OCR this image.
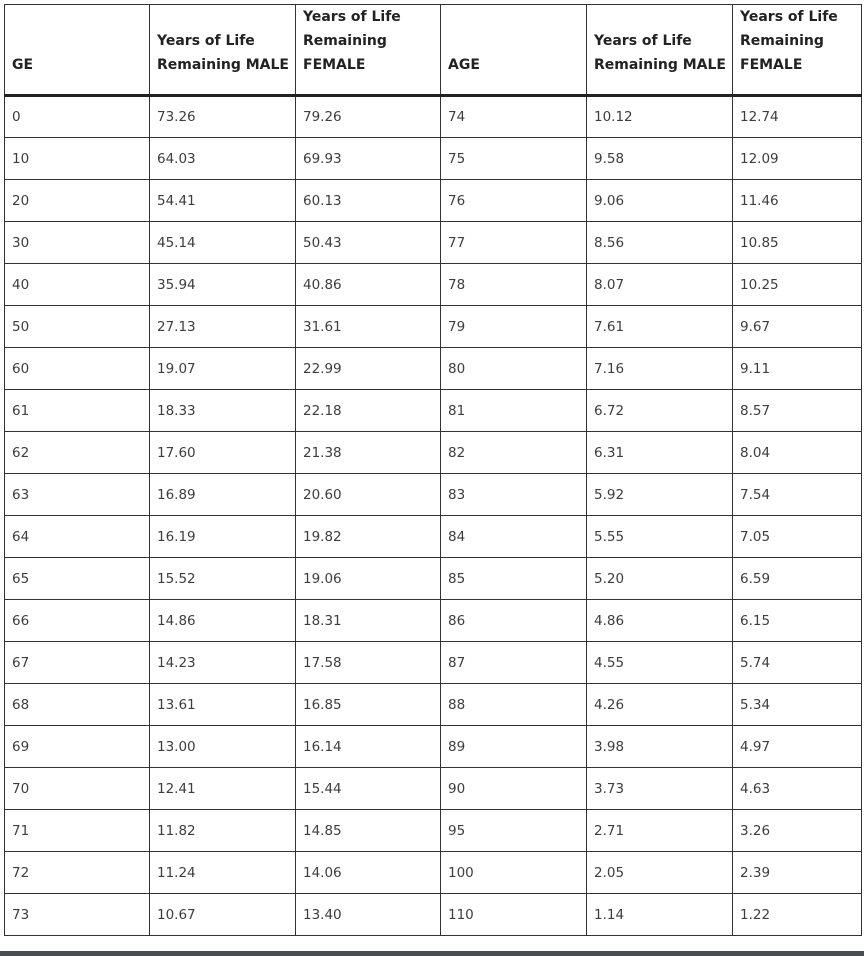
GE	Years of Life Remaining MALE	Years of Life Remaining FEMALE	AGE	Years of Life Remaining MALE	Years of Life Remaining FEMALE
0	73.26	79.26	74	10.12	12.74
10	64.03	69.93	75	9.58	12.09
20	54.41	60.13	76	9.06	11.46
30	45.14	50.43	77	8.56	10.85
40	35.94	40.86	78	8.07	10.25
50	27.13	31.61	79	7.61	9.67
60	19.07	22.99	80	7.16	9.11
61	18.33	22.18	81	6.72	8.57
62	17.60	21.38	82	6.31	8.04
63	16.89	20.60	83	5.92	7.54
64	16.19	19.82	84	5.55	7.05
65	15.52	19.06	85	5.20	6.59
66	14.86	18.31	86	4.86	6.15
67	14.23	17.58	87	4.55	5.74
68	13.61	16.85	88	4.26	5.34
69	13.00	16.14	89	3.98	4.97
70	12.41	15.44	90	3.73	4.63
71	11.82	14.85	95	2.71	3.26
72	11.24	14.06	100	2.05	2.39
73	10.67	13.40	110	1.14	1.22
